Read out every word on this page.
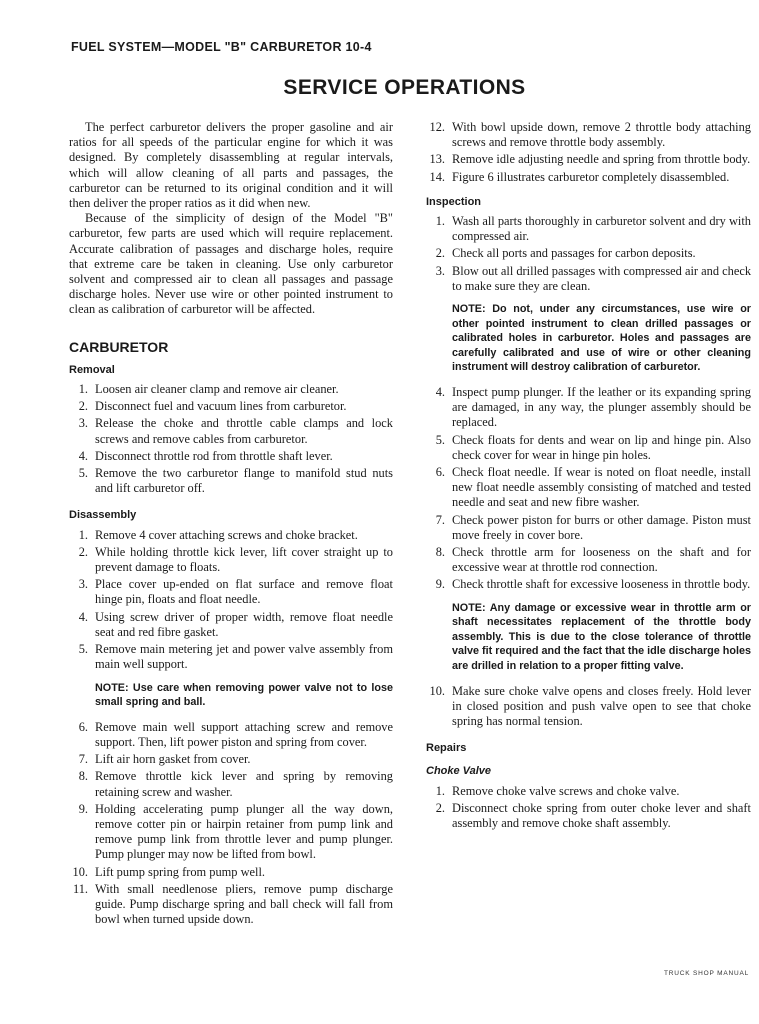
FUEL SYSTEM—MODEL "B" CARBURETOR 10-4
SERVICE OPERATIONS

The perfect carburetor delivers the proper gasoline and air ratios for all speeds of the particular engine for which it was designed. By completely disassembling at regular intervals, which will allow cleaning of all parts and passages, the carburetor can be returned to its original condition and it will then deliver the proper ratios as it did when new.

Because of the simplicity of design of the Model "B" carburetor, few parts are used which will require replacement. Accurate calibration of passages and discharge holes, require that extreme care be taken in cleaning. Use only carburetor solvent and compressed air to clean all passages and passage discharge holes. Never use wire or other pointed instrument to clean as calibration of carburetor will be affected.

CARBURETOR
Removal
1. Loosen air cleaner clamp and remove air cleaner.
2. Disconnect fuel and vacuum lines from carburetor.
3. Release the choke and throttle cable clamps and lock screws and remove cables from carburetor.
4. Disconnect throttle rod from throttle shaft lever.
5. Remove the two carburetor flange to manifold stud nuts and lift carburetor off.
Disassembly
1. Remove 4 cover attaching screws and choke bracket.
2. While holding throttle kick lever, lift cover straight up to prevent damage to floats.
3. Place cover up-ended on flat surface and remove float hinge pin, floats and float needle.
4. Using screw driver of proper width, remove float needle seat and red fibre gasket.
5. Remove main metering jet and power valve assembly from main well support.
NOTE: Use care when removing power valve not to lose small spring and ball.
6. Remove main well support attaching screw and remove support. Then, lift power piston and spring from cover.
7. Lift air horn gasket from cover.
8. Remove throttle kick lever and spring by removing retaining screw and washer.
9. Holding accelerating pump plunger all the way down, remove cotter pin or hairpin retainer from pump link and remove pump link from throttle lever and pump plunger. Pump plunger may now be lifted from bowl.
10. Lift pump spring from pump well.
11. With small needlenose pliers, remove pump discharge guide. Pump discharge spring and ball check will fall from bowl when turned upside down.
12. With bowl upside down, remove 2 throttle body attaching screws and remove throttle body assembly.
13. Remove idle adjusting needle and spring from throttle body.
14. Figure 6 illustrates carburetor completely disassembled.
Inspection
1. Wash all parts thoroughly in carburetor solvent and dry with compressed air.
2. Check all ports and passages for carbon deposits.
3. Blow out all drilled passages with compressed air and check to make sure they are clean.
NOTE: Do not, under any circumstances, use wire or other pointed instrument to clean drilled passages or calibrated holes in carburetor. Holes and passages are carefully calibrated and use of wire or other cleaning instrument will destroy calibration of carburetor.
4. Inspect pump plunger. If the leather or its expanding spring are damaged, in any way, the plunger assembly should be replaced.
5. Check floats for dents and wear on lip and hinge pin. Also check cover for wear in hinge pin holes.
6. Check float needle. If wear is noted on float needle, install new float needle assembly consisting of matched and tested needle and seat and new fibre washer.
7. Check power piston for burrs or other damage. Piston must move freely in cover bore.
8. Check throttle arm for looseness on the shaft and for excessive wear at throttle rod connection.
9. Check throttle shaft for excessive looseness in throttle body.
NOTE: Any damage or excessive wear in throttle arm or shaft necessitates replacement of the throttle body assembly. This is due to the close tolerance of throttle valve fit required and the fact that the idle discharge holes are drilled in relation to a proper fitting valve.
10. Make sure choke valve opens and closes freely. Hold lever in closed position and push valve open to see that choke spring has normal tension.
Repairs
Choke Valve
1. Remove choke valve screws and choke valve.
2. Disconnect choke spring from outer choke lever and shaft assembly and remove choke shaft assembly.
TRUCK SHOP MANUAL
